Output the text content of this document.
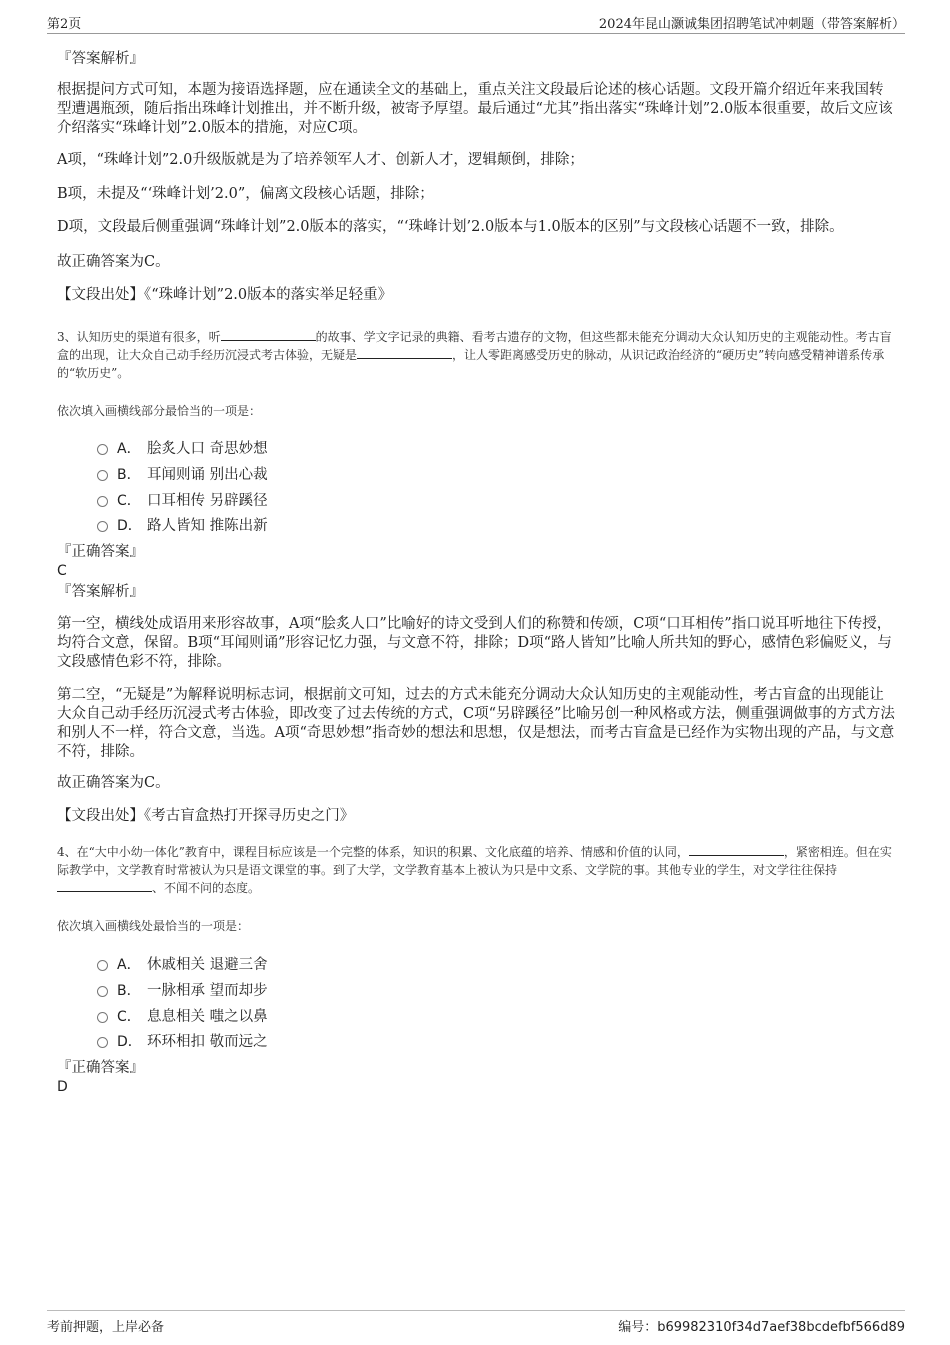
第2页	2024年昆山灏诚集团招聘笔试冲刺题（带答案解析）
『答案解析』
根据提问方式可知，本题为接语选择题，应在通读全文的基础上，重点关注文段最后论述的核心话题。文段开篇介绍近年来我国转型遭遇瓶颈，随后指出珠峰计划推出，并不断升级，被寄予厚望。最后通过“尤其”指出落实“珠峰计划”2.0版本很重要，故后文应该介绍落实“珠峰计划”2.0版本的措施，对应C项。
A项，“珠峰计划”2.0升级版就是为了培养领军人才、创新人才，逻辑颠倒，排除；
B项，未提及“‘珠峰计划’2.0”，偏离文段核心话题，排除；
D项，文段最后侧重强调“珠峰计划”2.0版本的落实，“‘珠峰计划’2.0版本与1.0版本的区别”与文段核心话题不一致，排除。
故正确答案为C。
【文段出处】《“珠峰计划”2.0版本的落实举足轻重》
3、认知历史的渠道有很多，听	的故事、学文字记录的典籍、看考古遗存的文物，但这些都未能充分调动大众认知历史的主观能动性。考古盲盒的出现，让大众自己动手经历沉浸式考古体验，无疑是	，让人零距离感受历史的脉动，从识记政治经济的“硬历史”转向感受精神谱系传承的“软历史”。
依次填入画横线部分最恰当的一项是：
A． 脍炙人口 奇思妙想
B． 耳闻则诵 别出心裁
C． 口耳相传 另辟蹊径
D． 路人皆知 推陈出新
『正确答案』
C
『答案解析』
第一空，横线处成语用来形容故事，A项“脍炙人口”比喻好的诗文受到人们的称赞和传颂，C项“口耳相传”指口说耳听地往下传授，均符合文意，保留。B项“耳闻则诵”形容记忆力强，与文意不符，排除；D项“路人皆知”比喻人所共知的野心，感情色彩偏贬义，与文段感情色彩不符，排除。
第二空，“无疑是”为解释说明标志词，根据前文可知，过去的方式未能充分调动大众认知历史的主观能动性，考古盲盒的出现能让大众自己动手经历沉浸式考古体验，即改变了过去传统的方式，C项“另辟蹊径”比喻另创一种风格或方法，侧重强调做事的方式方法和别人不一样，符合文意，当选。A项“奇思妙想”指奇妙的想法和思想，仅是想法，而考古盲盒是已经作为实物出现的产品，与文意不符，排除。
故正确答案为C。
【文段出处】《考古盲盒热打开探寻历史之门》
4、在“大中小幼一体化”教育中，课程目标应该是一个完整的体系，知识的积累、文化底蕴的培养、情感和价值的认同，	，紧密相连。但在实际教学中，文学教育时常被认为只是语文课堂的事。到了大学，文学教育基本上被认为只是中文系、文学院的事。其他专业的学生，对文学往往保持、不闻不问的态度。
依次填入画横线处最恰当的一项是：
A． 休戚相关 退避三舍
B． 一脉相承 望而却步
C． 息息相关 嗤之以鼻
D． 环环相扣 敬而远之
『正确答案』
D
考前押题，上岸必备	编号：b69982310f34d7aef38bcdefbf566d89
